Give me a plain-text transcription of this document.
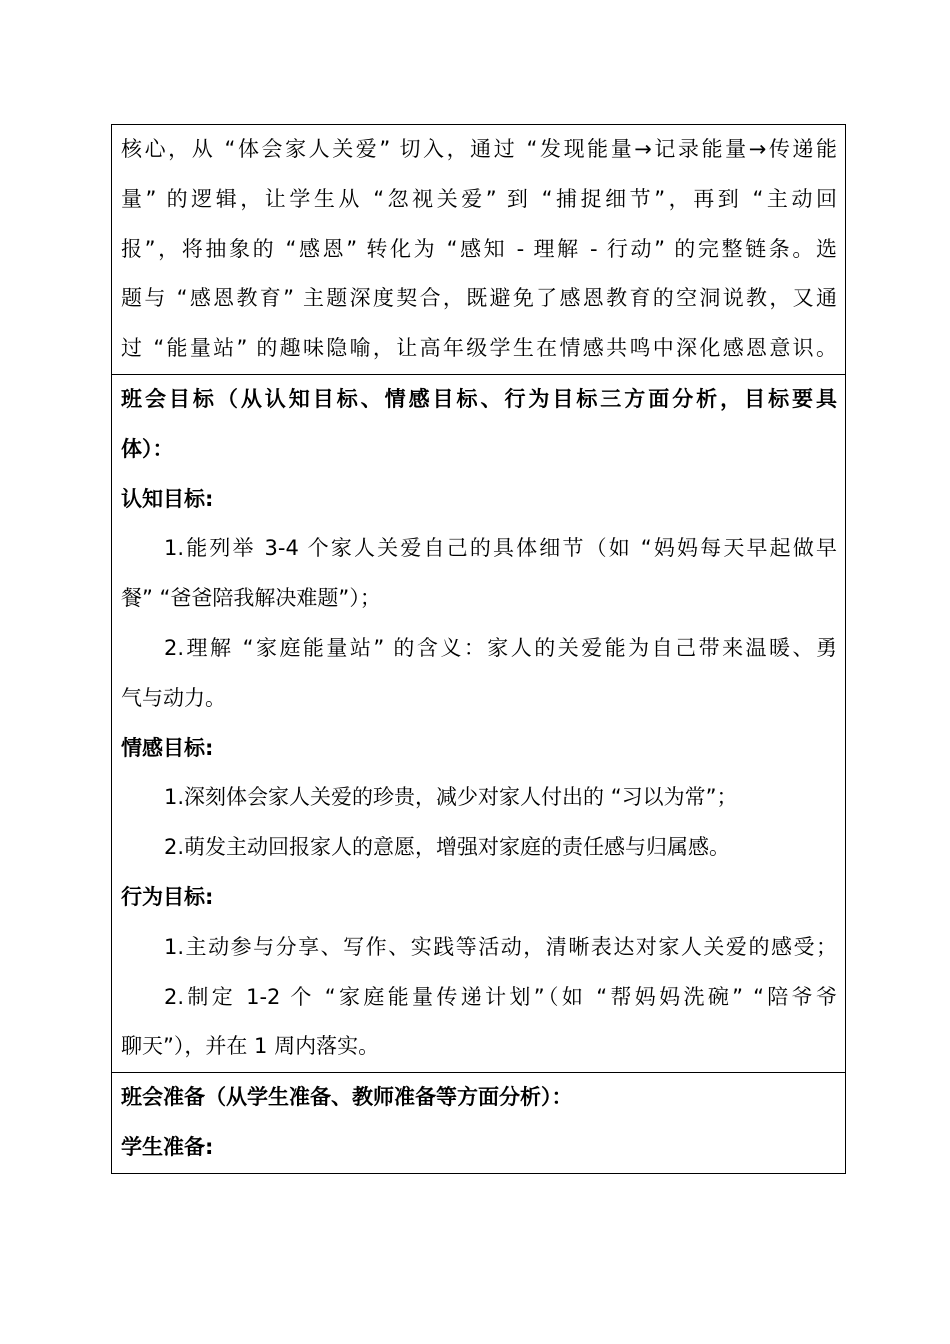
核心，从 “体会家人关爱” 切入，通过 “发现能量→记录能量→传递能
量” 的逻辑，让学生从 “忽视关爱” 到 “捕捉细节”，再到 “主动回
报”，将抽象的 “感恩” 转化为 “感知 - 理解 - 行动” 的完整链条。选
题与 “感恩教育” 主题深度契合，既避免了感恩教育的空洞说教，又通
过 “能量站” 的趣味隐喻，让高年级学生在情感共鸣中深化感恩意识。
班会目标（从认知目标、情感目标、行为目标三方面分析，目标要具
体）：
认知目标:
1.能列举 3-4 个家人关爱自己的具体细节（如 “妈妈每天早起做早
餐” “爸爸陪我解决难题”）；
2.理解 “家庭能量站” 的含义：家人的关爱能为自己带来温暖、勇
气与动力。
情感目标:
1.深刻体会家人关爱的珍贵，减少对家人付出的 “习以为常”；
2.萌发主动回报家人的意愿，增强对家庭的责任感与归属感。
行为目标:
1.主动参与分享、写作、实践等活动，清晰表达对家人关爱的感受；
2.制定 1-2 个 “家庭能量传递计划”（如 “帮妈妈洗碗” “陪爷爷
聊天”），并在 1 周内落实。
班会准备（从学生准备、教师准备等方面分析）：
学生准备:
